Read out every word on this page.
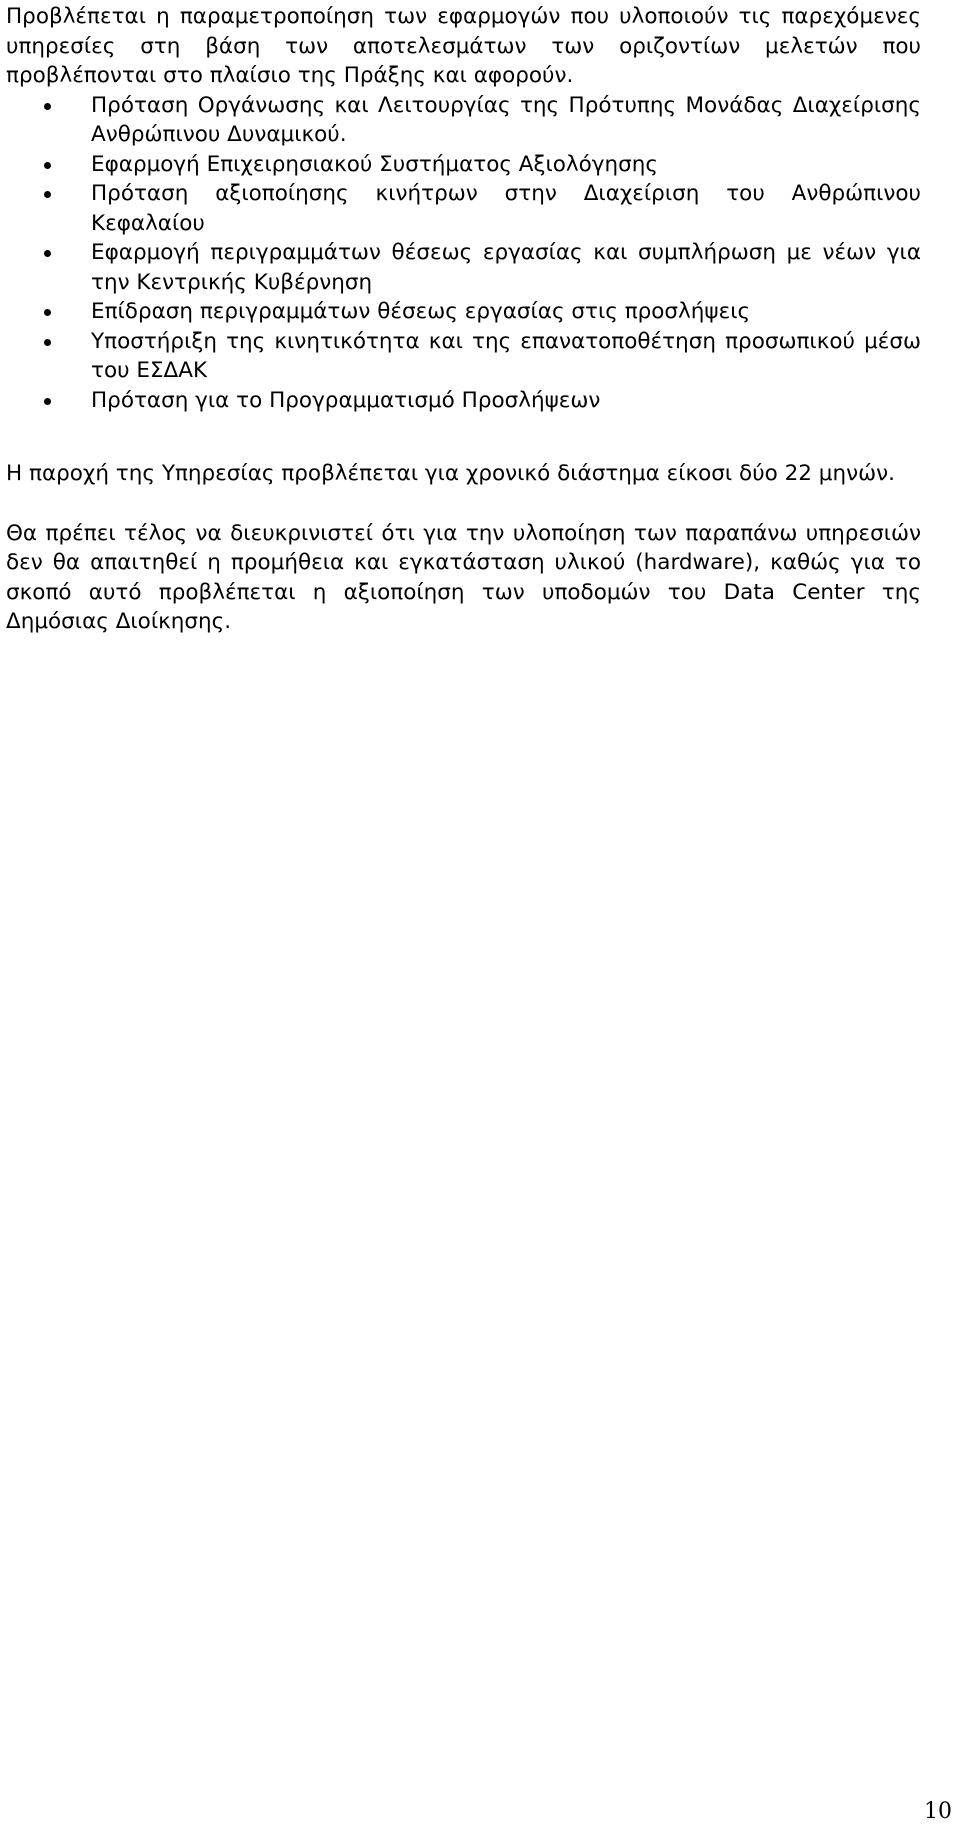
Προβλέπεται η παραμετροποίηση των εφαρμογών που υλοποιούν τις παρεχόμενες υπηρεσίες στη βάση των αποτελεσμάτων των οριζοντίων μελετών που προβλέπονται στο πλαίσιο της Πράξης και αφορούν.

Πρόταση Οργάνωσης και Λειτουργίας της Πρότυπης Μονάδας Διαχείρισης Ανθρώπινου Δυναμικού.
Εφαρμογή Επιχειρησιακού Συστήματος Αξιολόγησης
Πρόταση αξιοποίησης κινήτρων στην Διαχείριση του Ανθρώπινου Κεφαλαίου
Εφαρμογή περιγραμμάτων θέσεως εργασίας και συμπλήρωση με νέων για την Κεντρικής Κυβέρνηση
Επίδραση περιγραμμάτων θέσεως εργασίας στις προσλήψεις
Υποστήριξη της κινητικότητα και της επανατοποθέτηση προσωπικού μέσω του ΕΣΔΑΚ
Πρόταση για το Προγραμματισμό Προσλήψεων

Η παροχή της Υπηρεσίας προβλέπεται για χρονικό διάστημα είκοσι δύο 22 μηνών.

Θα πρέπει τέλος να διευκρινιστεί ότι για την υλοποίηση των παραπάνω υπηρεσιών δεν θα απαιτηθεί η προμήθεια και εγκατάσταση υλικού (hardware), καθώς για το σκοπό αυτό προβλέπεται η αξιοποίηση των υποδομών του Data Center της Δημόσιας Διοίκησης.

10
